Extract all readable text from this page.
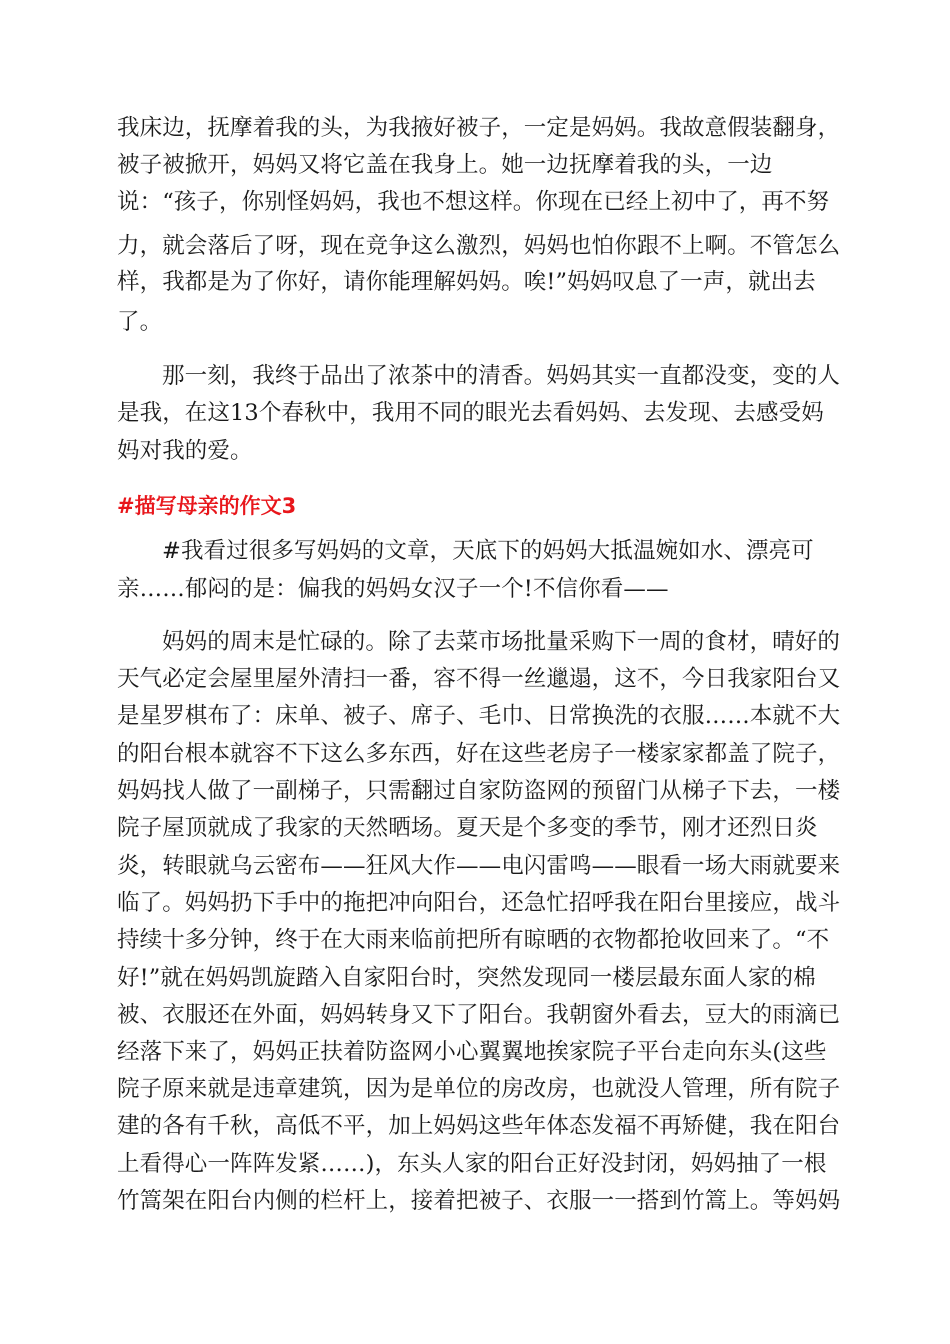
我床边，抚摩着我的头，为我掖好被子，一定是妈妈。我故意假装翻身，
被子被掀开，妈妈又将它盖在我身上。她一边抚摩着我的头，一边
说：“孩子，你别怪妈妈，我也不想这样。你现在已经上初中了，再不努
力，就会落后了呀，现在竞争这么激烈，妈妈也怕你跟不上啊。不管怎么
样，我都是为了你好，请你能理解妈妈。唉!”妈妈叹息了一声，就出去
了。
那一刻，我终于品出了浓茶中的清香。妈妈其实一直都没变，变的人
是我，在这13个春秋中，我用不同的眼光去看妈妈、去发现、去感受妈
妈对我的爱。
#描写母亲的作文3
#我看过很多写妈妈的文章，天底下的妈妈大抵温婉如水、漂亮可
亲……郁闷的是：偏我的妈妈女汉子一个!不信你看——
妈妈的周末是忙碌的。除了去菜市场批量采购下一周的食材，晴好的
天气必定会屋里屋外清扫一番，容不得一丝邋遢，这不，今日我家阳台又
是星罗棋布了：床单、被子、席子、毛巾、日常换洗的衣服……本就不大
的阳台根本就容不下这么多东西，好在这些老房子一楼家家都盖了院子，
妈妈找人做了一副梯子，只需翻过自家防盗网的预留门从梯子下去，一楼
院子屋顶就成了我家的天然晒场。夏天是个多变的季节，刚才还烈日炎
炎，转眼就乌云密布——狂风大作——电闪雷鸣——眼看一场大雨就要来
临了。妈妈扔下手中的拖把冲向阳台，还急忙招呼我在阳台里接应，战斗
持续十多分钟，终于在大雨来临前把所有晾晒的衣物都抢收回来了。“不
好!”就在妈妈凯旋踏入自家阳台时，突然发现同一楼层最东面人家的棉
被、衣服还在外面，妈妈转身又下了阳台。我朝窗外看去，豆大的雨滴已
经落下来了，妈妈正扶着防盗网小心翼翼地挨家院子平台走向东头(这些
院子原来就是违章建筑，因为是单位的房改房，也就没人管理，所有院子
建的各有千秋，高低不平，加上妈妈这些年体态发福不再矫健，我在阳台
上看得心一阵阵发紧……)，东头人家的阳台正好没封闭，妈妈抽了一根
竹篙架在阳台内侧的栏杆上，接着把被子、衣服一一搭到竹篙上。等妈妈
